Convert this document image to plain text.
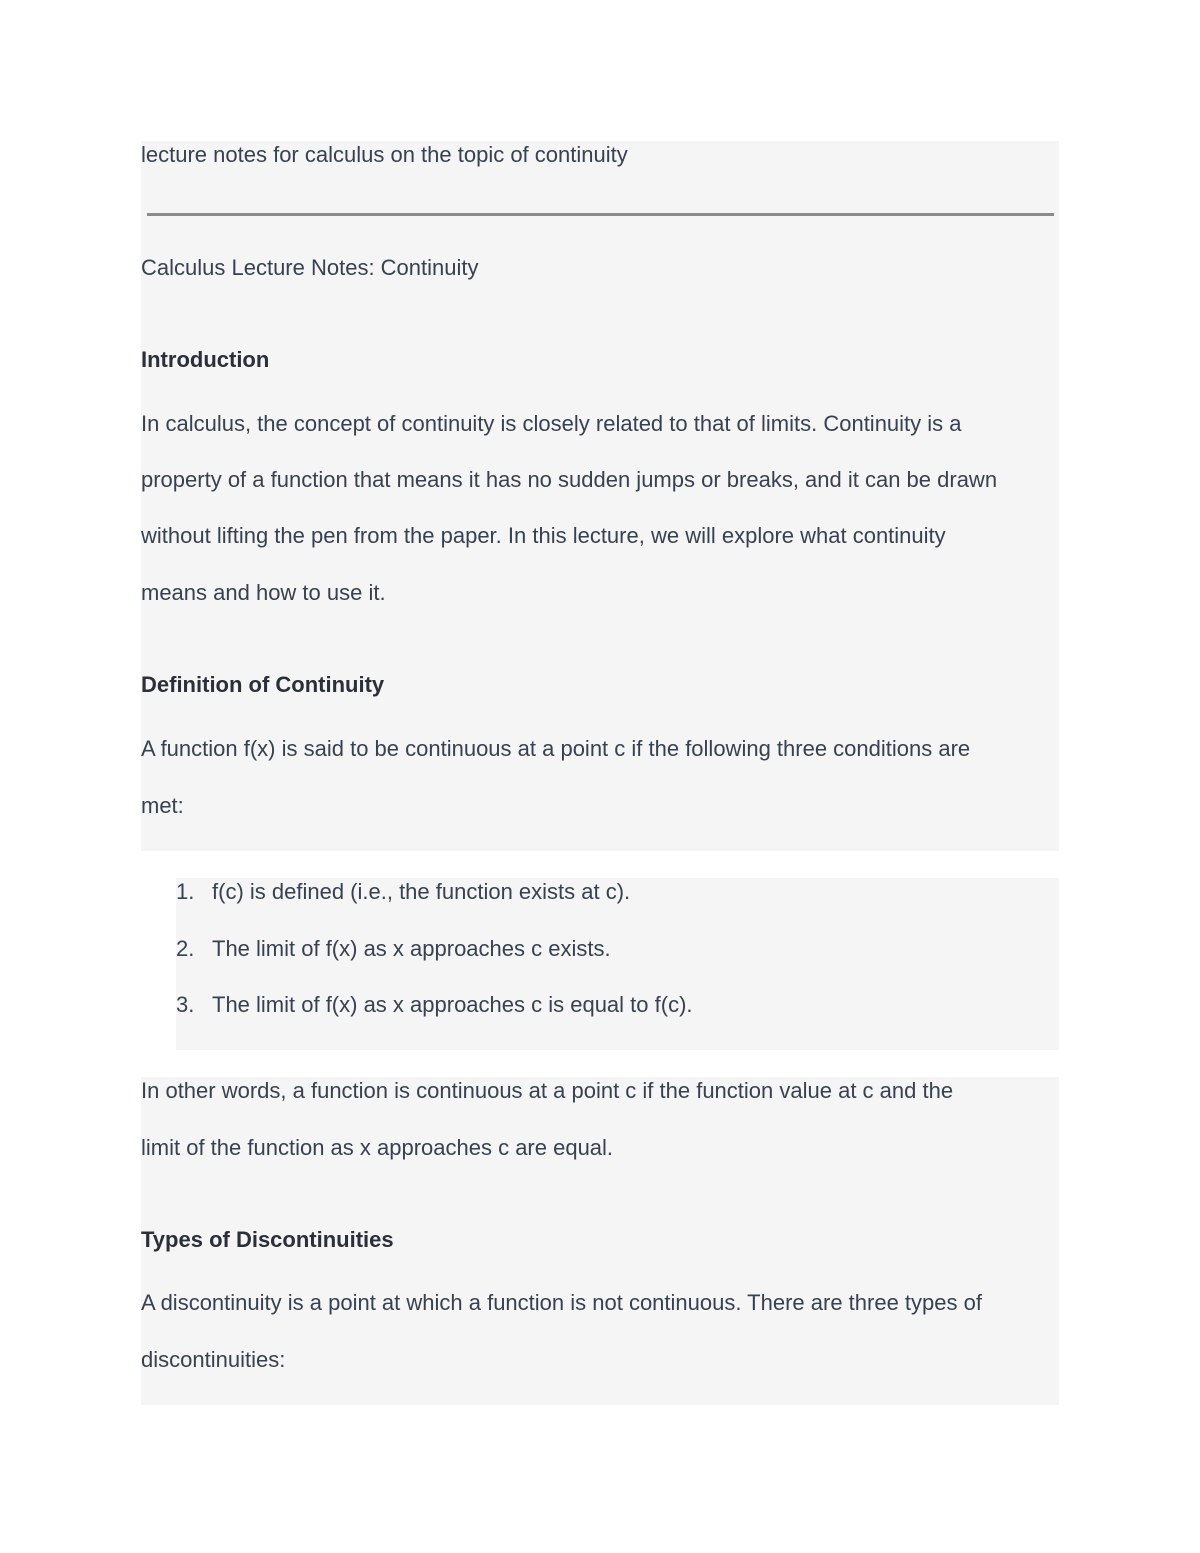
lecture notes for calculus on the topic of continuity
Calculus Lecture Notes: Continuity
Introduction
In calculus, the concept of continuity is closely related to that of limits. Continuity is a
property of a function that means it has no sudden jumps or breaks, and it can be drawn
without lifting the pen from the paper. In this lecture, we will explore what continuity
means and how to use it.
Definition of Continuity
A function f(x) is said to be continuous at a point c if the following three conditions are
met:
1. f(c) is defined (i.e., the function exists at c).
2. The limit of f(x) as x approaches c exists.
3. The limit of f(x) as x approaches c is equal to f(c).
In other words, a function is continuous at a point c if the function value at c and the
limit of the function as x approaches c are equal.
Types of Discontinuities
A discontinuity is a point at which a function is not continuous. There are three types of
discontinuities:
